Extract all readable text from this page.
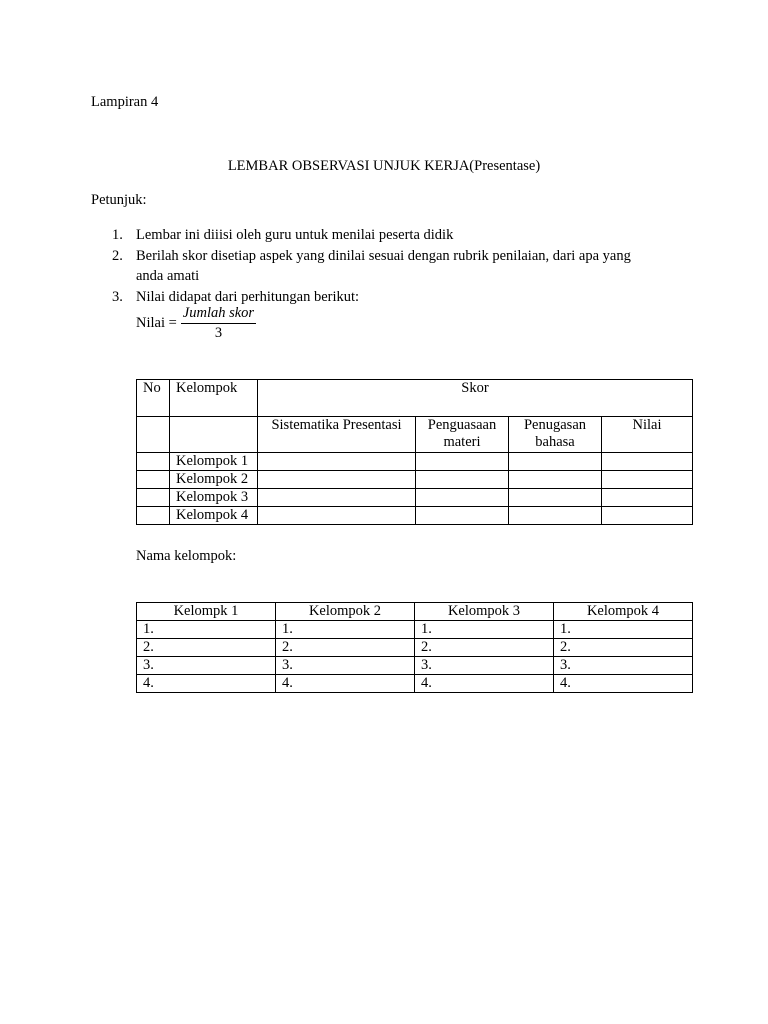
Lampiran 4
LEMBAR OBSERVASI UNJUK KERJA(Presentase)
Petunjuk:
1. Lembar ini diiisi oleh guru untuk menilai peserta didik
2. Berilah skor disetiap aspek yang dinilai sesuai dengan rubrik penilaian, dari apa yang anda amati
3. Nilai didapat dari perhitungan berikut:
Nilai = $\frac{\text{Jumlah skor}}{3}$
No	Kelompok	Skor			
		Sistematika Presentasi	Penguasaan materi	Penugasan bahasa	Nilai
	Kelompok 1				
	Kelompok 2				
	Kelompok 3				
	Kelompok 4				
Nama kelompok:
Kelompk 1	Kelompok 2	Kelompok 3	Kelompok 4
1.	1.	1.	1.
2.	2.	2.	2.
3.	3.	3.	3.
4.	4.	4.	4.
